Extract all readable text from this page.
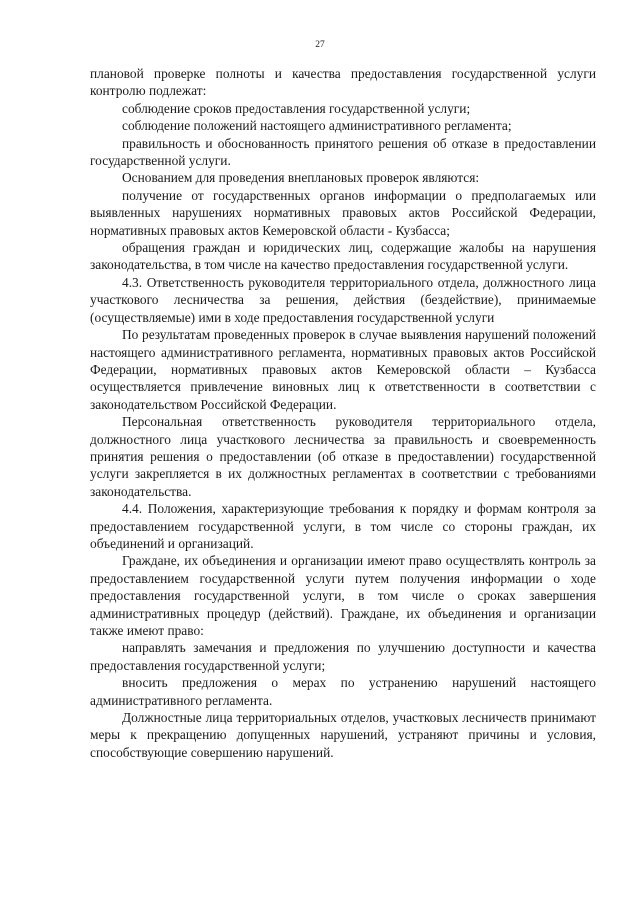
27

плановой проверке полноты и качества предоставления государственной услуги контролю подлежат:

соблюдение сроков предоставления государственной услуги;

соблюдение положений настоящего административного регламента;

правильность и обоснованность принятого решения об отказе в предоставлении государственной услуги.

Основанием для проведения внеплановых проверок являются:

получение от государственных органов информации о предполагаемых или выявленных нарушениях нормативных правовых актов Российской Федерации, нормативных правовых актов Кемеровской области - Кузбасса;

обращения граждан и юридических лиц, содержащие жалобы на нарушения законодательства, в том числе на качество предоставления государственной услуги.

4.3. Ответственность руководителя территориального отдела, должностного лица участкового лесничества за решения, действия (бездействие), принимаемые (осуществляемые) ими в ходе предоставления государственной услуги

По результатам проведенных проверок в случае выявления нарушений положений настоящего административного регламента, нормативных правовых актов Российской Федерации, нормативных правовых актов Кемеровской области – Кузбасса осуществляется привлечение виновных лиц к ответственности в соответствии с законодательством Российской Федерации.

Персональная ответственность руководителя территориального отдела, должностного лица участкового лесничества за правильность и своевременность принятия решения о предоставлении (об отказе в предоставлении) государственной услуги закрепляется в их должностных регламентах в соответствии с требованиями законодательства.

4.4. Положения, характеризующие требования к порядку и формам контроля за предоставлением государственной услуги, в том числе со стороны граждан, их объединений и организаций.

Граждане, их объединения и организации имеют право осуществлять контроль за предоставлением государственной услуги путем получения информации о ходе предоставления государственной услуги, в том числе о сроках завершения административных процедур (действий). Граждане, их объединения и организации также имеют право:

направлять замечания и предложения по улучшению доступности и качества предоставления государственной услуги;

вносить предложения о мерах по устранению нарушений настоящего административного регламента.

Должностные лица территориальных отделов, участковых лесничеств принимают меры к прекращению допущенных нарушений, устраняют причины и условия, способствующие совершению нарушений.
